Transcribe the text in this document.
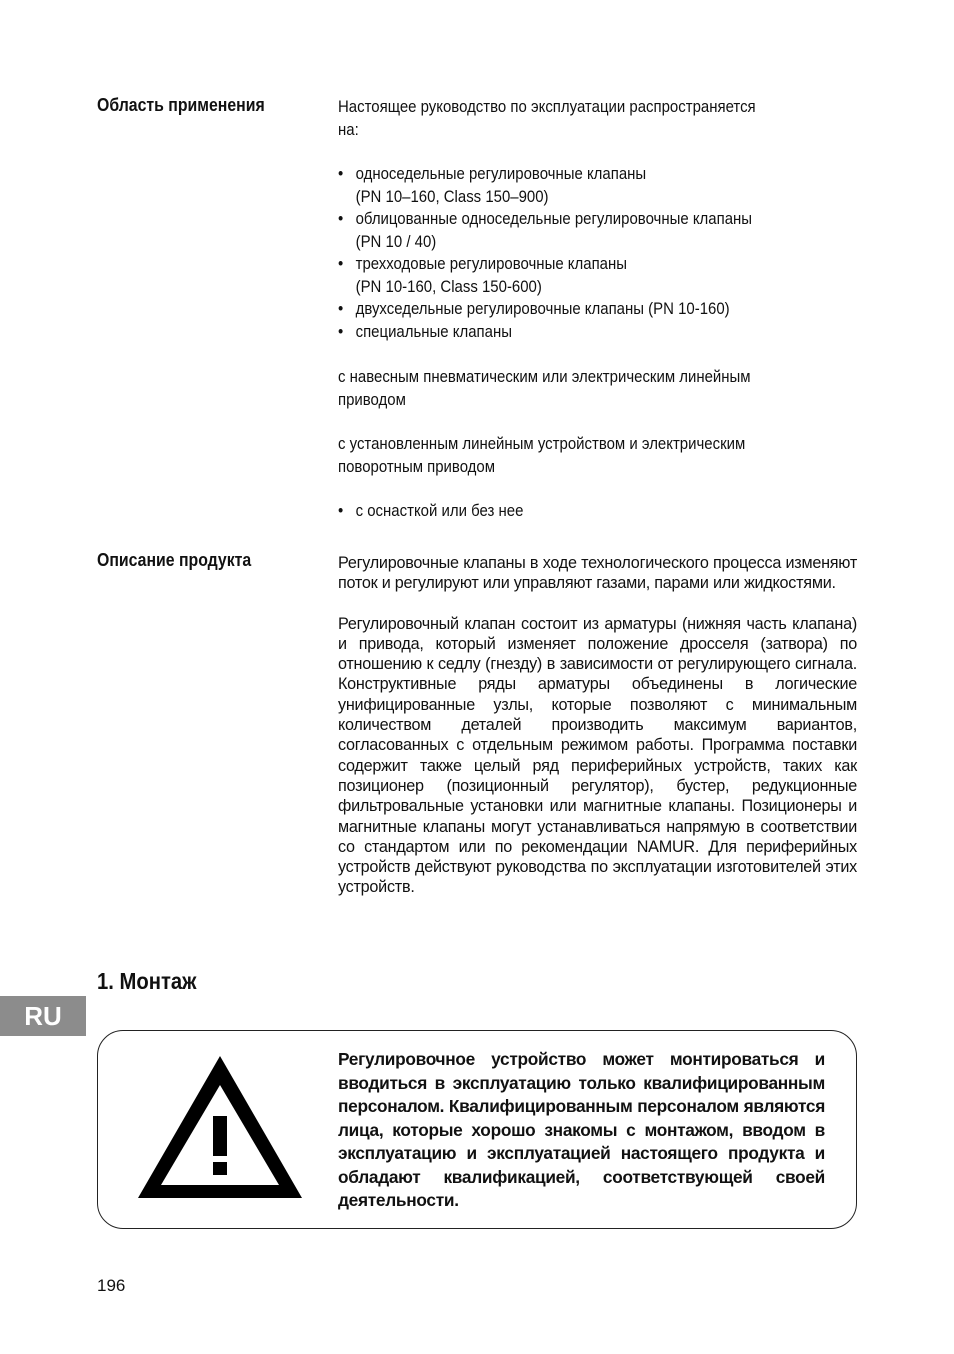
Область применения	Настоящее руководство по эксплуатации распространяется на:

• односедельные регулировочные клапаны
(PN 10–160, Class 150–900)
• облицованные односедельные регулировочные клапаны
(PN 10 / 40)
• трехходовые регулировочные клапаны
(PN 10-160, Class 150-600)
• двухседельные регулировочные клапаны (PN 10-160)
• специальные клапаны

с навесным пневматическим или электрическим линейным приводом

с установленным линейным устройством и электрическим поворотным приводом

• с оснасткой или без нее
Описание продукта	Регулировочные клапаны в ходе технологического процесса изменяют поток и регулируют или управляют газами, парами или жидкостями.

Регулировочный клапан состоит из арматуры (нижняя часть клапана) и привода, который изменяет положение дросселя (затвора) по отношению к седлу (гнезду) в зависимости от регулирующего сигнала. Конструктивные ряды арматуры объединены в логические унифицированные узлы, которые позволяют с минимальным количеством деталей производить максимум вариантов, согласованных с отдельным режимом работы. Программа поставки содержит также целый ряд периферийных устройств, таких как позиционер (позиционный регулятор), бустер, редукционные фильтровальные установки или магнитные клапаны. Позиционеры и магнитные клапаны могут устанавливаться напрямую в соответствии со стандартом или по рекомендации NAMUR. Для периферийных устройств действуют руководства по эксплуатации изготовителей этих устройств.

1. Монтаж
RU
Регулировочное устройство может монтироваться и вводиться в эксплуатацию только квалифицированным персоналом. Квалифицированным персоналом являются лица, которые хорошо знакомы с монтажом, вводом в эксплуатацию и эксплуатацией настоящего продукта и обладают квалификацией, соответствующей своей деятельности.
196
